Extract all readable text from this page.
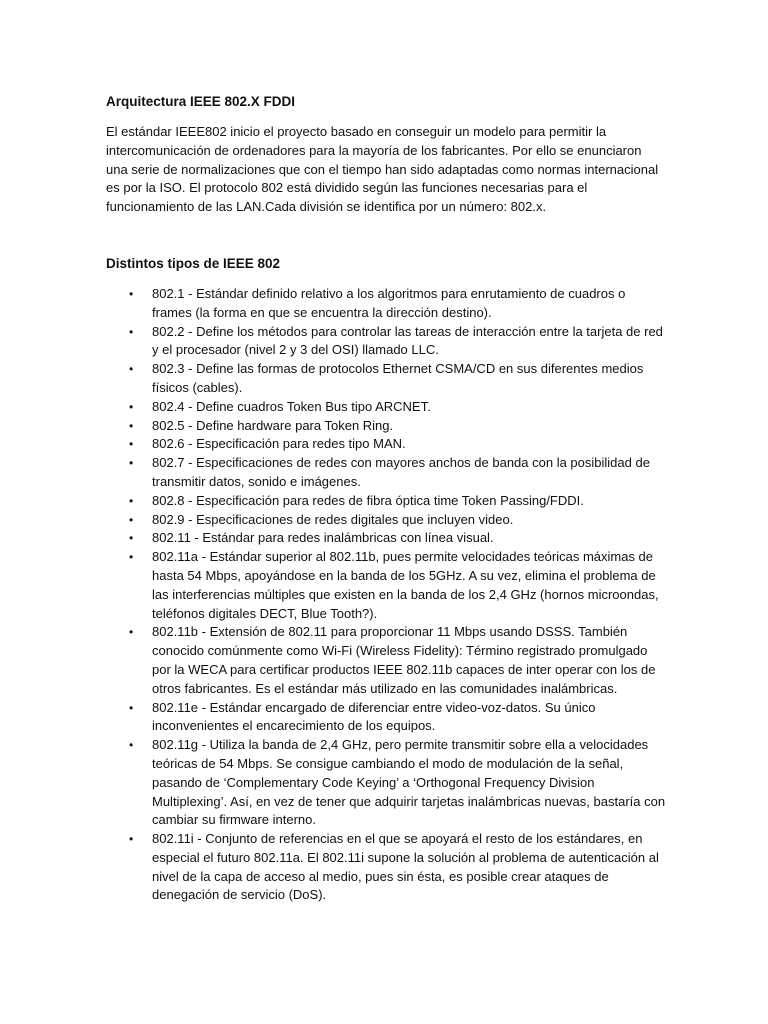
Arquitectura IEEE 802.X FDDI

El estándar IEEE802 inicio el proyecto basado en conseguir un modelo para permitir la intercomunicación de ordenadores para la mayoría de los fabricantes. Por ello se enunciaron una serie de normalizaciones que con el tiempo han sido adaptadas como normas internacional es por la ISO. El protocolo 802 está dividido según las funciones necesarias para el funcionamiento de las LAN.Cada división se identifica por un número: 802.x.

Distintos tipos de IEEE 802
• 802.1 - Estándar definido relativo a los algoritmos para enrutamiento de cuadros o frames (la forma en que se encuentra la dirección destino).
• 802.2 - Define los métodos para controlar las tareas de interacción entre la tarjeta de red y el procesador (nivel 2 y 3 del OSI) llamado LLC.
• 802.3 - Define las formas de protocolos Ethernet CSMA/CD en sus diferentes medios físicos (cables).
• 802.4 - Define cuadros Token Bus tipo ARCNET.
• 802.5 - Define hardware para Token Ring.
• 802.6 - Especificación para redes tipo MAN.
• 802.7 - Especificaciones de redes con mayores anchos de banda con la posibilidad de transmitir datos, sonido e imágenes.
• 802.8 - Especificación para redes de fibra óptica time Token Passing/FDDI.
• 802.9 - Especificaciones de redes digitales que incluyen video.
• 802.11 - Estándar para redes inalámbricas con línea visual.
• 802.11a - Estándar superior al 802.11b, pues permite velocidades teóricas máximas de hasta 54 Mbps, apoyándose en la banda de los 5GHz. A su vez, elimina el problema de las interferencias múltiples que existen en la banda de los 2,4 GHz (hornos microondas, teléfonos digitales DECT, Blue Tooth?).
• 802.11b - Extensión de 802.11 para proporcionar 11 Mbps usando DSSS. También conocido comúnmente como Wi-Fi (Wireless Fidelity): Término registrado promulgado por la WECA para certificar productos IEEE 802.11b capaces de inter operar con los de otros fabricantes. Es el estándar más utilizado en las comunidades inalámbricas.
• 802.11e - Estándar encargado de diferenciar entre video-voz-datos. Su único inconvenientes el encarecimiento de los equipos.
• 802.11g - Utiliza la banda de 2,4 GHz, pero permite transmitir sobre ella a velocidades teóricas de 54 Mbps. Se consigue cambiando el modo de modulación de la señal, pasando de ‘Complementary Code Keying’ a ‘Orthogonal Frequency Division Multiplexing’. Así, en vez de tener que adquirir tarjetas inalámbricas nuevas, bastaría con cambiar su firmware interno.
• 802.11i - Conjunto de referencias en el que se apoyará el resto de los estándares, en especial el futuro 802.11a. El 802.11i supone la solución al problema de autenticación al nivel de la capa de acceso al medio, pues sin ésta, es posible crear ataques de denegación de servicio (DoS).
